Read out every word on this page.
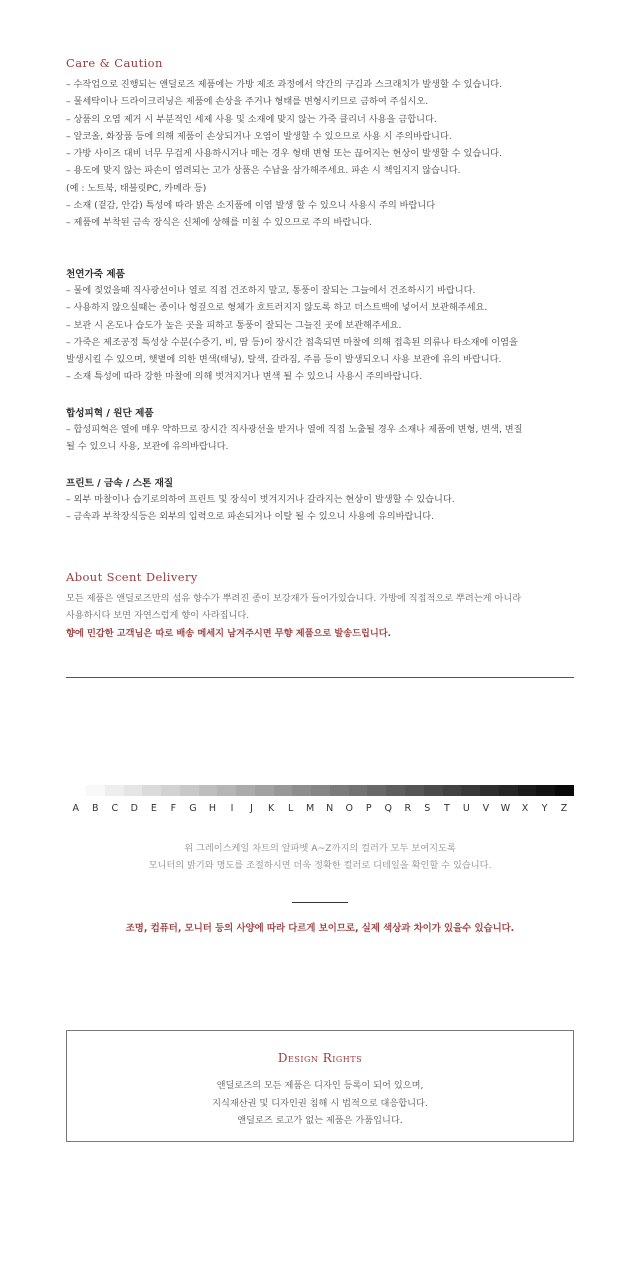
Care & Caution
– 수작업으로 진행되는 앤딜로즈 제품에는 가방 제조 과정에서 약간의 구김과 스크래치가 발생할 수 있습니다.
– 물세탁이나 드라이크리닝은 제품에 손상을 주거나 형태를 변형시키므로 금하여 주십시오.
– 상품의 오염 제거 시 부분적인 세제 사용 및 소재에 맞지 않는 가죽 클리너 사용을 금합니다.
– 알코올, 화장품 등에 의해 제품이 손상되거나 오염이 발생할 수 있으므로 사용 시 주의바랍니다.
– 가방 사이즈 대비 너무 무겁게 사용하시거나 매는 경우 형태 변형 또는 끊어지는 현상이 발생할 수 있습니다.
– 용도에 맞지 않는 파손이 염려되는 고가 상품은 수납을 삼가해주세요. 파손 시 책임지지 않습니다.
(예 : 노트북, 태블릿PC, 카메라 등)
– 소재 (겉감, 안감) 특성에 따라 밝은 소지품에 이염 발생 할 수 있으니 사용시 주의 바랍니다
– 제품에 부착된 금속 장식은 신체에 상해를 미칠 수 있으므로 주의 바랍니다.
천연가죽 제품
– 물에 젖었을때 직사광선이나 열로 직접 건조하지 말고, 통풍이 잘되는 그늘에서 건조하시기 바랍니다.
– 사용하지 않으실때는 종이나 헝겊으로 형체가 흐트러지지 않도록 하고 더스트백에 넣어서 보관해주세요.
– 보관 시 온도나 습도가 높은 곳을 피하고 통풍이 잘되는 그늘진 곳에 보관해주세요.
– 가죽은 제조공정 특성상 수분(수증기, 비, 땀 등)이 장시간 접촉되면 마찰에 의해 접촉된 의류나 타소재에 이염을
발생시킬 수 있으며, 햇볕에 의한 변색(태닝), 탈색, 갈라짐, 주름 등이 발생되오니 사용 보관에 유의 바랍니다.
– 소재 특성에 따라 강한 마찰에 의해 벗겨지거나 변색 될 수 있으니 사용시 주의바랍니다.
합성피혁 / 원단 제품
– 합성피혁은 열에 매우 약하므로 장시간 직사광선을 받거나 열에 직접 노출될 경우 소재나 제품에 변형, 변색, 변질
될 수 있으니 사용, 보관에 유의바랍니다.
프린트 / 금속 / 스톤 재질
– 외부 마찰이나 습기로의하여 프린트 및 장식이 벗겨지거나 갈라지는 현상이 발생할 수 있습니다.
– 금속과 부착장식등은 외부의 입력으로 파손되거나 이탈 될 수 있으니 사용에 유의바랍니다.
About Scent Delivery

모든 제품은 앤딜로즈만의 섬유 향수가 뿌려진 종이 보강재가 들어가있습니다. 가방에 직접적으로 뿌려는게 아니라

사용하시다 보면 자연스럽게 향이 사라집니다.

향에 민감한 고객님은 따로 배송 메세지 남겨주시면 무향 제품으로 발송드립니다.

A	B	C	D	E	F	G	H	I	J	K	L	M	N	O	P	Q	R	S	T	U	V	W	X	Y	Z
위 그레이스케일 차트의 알파벳 A~Z까지의 컬러가 모두 보여지도록
모니터의 밝기와 명도를 조절하시면 더욱 정확한 컬러로 디테일을 확인할 수 있습니다.
조명, 컴퓨터, 모니터 등의 사양에 따라 다르게 보이므로, 실제 색상과 차이가 있을수 있습니다.
Design Rights
앤딜로즈의 모든 제품은 디자인 등록이 되어 있으며,
지식재산권 및 디자인권 침해 시 법적으로 대응합니다.
앤딜로즈 로고가 없는 제품은 가품입니다.
